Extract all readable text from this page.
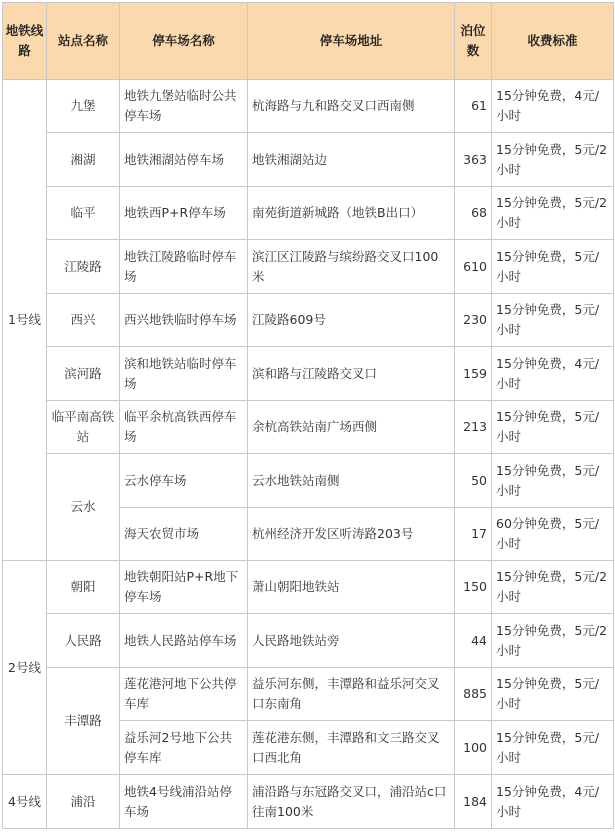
地铁线路	站点名称	停车场名称	停车场地址	泊位数	收费标准
1号线	九堡	地铁九堡站临时公共停车场	杭海路与九和路交叉口西南侧	61	15分钟免费，4元/小时
	湘湖	地铁湘湖站停车场	地铁湘湖站边	363	15分钟免费，5元/2小时
	临平	地铁西P+R停车场	南苑街道新城路（地铁B出口）	68	15分钟免费，5元/2小时
	江陵路	地铁江陵路临时停车场	滨江区江陵路与缤纷路交叉口100米	610	15分钟免费，5元/小时
	西兴	西兴地铁临时停车场	江陵路609号	230	15分钟免费，5元/小时
	滨河路	滨和地铁站临时停车场	滨和路与江陵路交叉口	159	15分钟免费，4元/小时
	临平南高铁站	临平余杭高铁西停车场	余杭高铁站南广场西侧	213	15分钟免费，5元/小时
	云水	云水停车场	云水地铁站南侧	50	15分钟免费，5元/小时
		海天农贸市场	杭州经济开发区听涛路203号	17	60分钟免费，5元/小时
2号线	朝阳	地铁朝阳站P+R地下停车场	萧山朝阳地铁站	150	15分钟免费，5元/2小时
	人民路	地铁人民路站停车场	人民路地铁站旁	44	15分钟免费，5元/2小时
	丰潭路	莲花港河地下公共停车库	益乐河东侧，丰潭路和益乐河交叉口东南角	885	15分钟免费，5元/小时
		益乐河2号地下公共停车库	莲花港东侧，丰潭路和文三路交叉口西北角	100	15分钟免费，5元/小时
4号线	浦沿	地铁4号线浦沿站停车场	浦沿路与东冠路交叉口，浦沿站c口往南100米	184	15分钟免费，4元/小时
